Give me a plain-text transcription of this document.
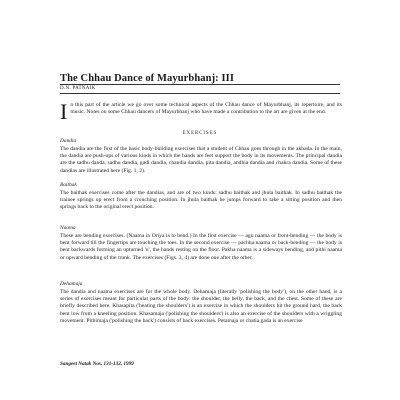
The Chhau Dance of Mayurbhanj: III
D.N. PATNAIK
I n this part of the article we go over some technical aspects of the Chhau dance of Mayurbhanj, its repertoire, and its music. Notes on some Chhau dancers of Mayurbhanj who have made a contribution to the art are given at the end.
EXERCISES
Dandia
The dandia are the first of the basic body-building exercises that a student of Chhau goes through in the akhada. In the main, the dandia are push-ups of various kinds in which the hands are feet support the body in its movements. The principal dandia are the sadhu danda, sadhu dandia, gadi dandia, chandia dandia, pita dandia, andhia dandia and chakra dandia. Some of these dandias are illustrated here (Fig. 1, 2).
Baithak
The baithak exercises come after the dandias, and are of two kinds: sadhu baithak and jhula baithak. In sadhu baithak the trainee springs up erect from a crouching position. In jhula baithak he jumps forward to take a sitting position and then springs back to the original erect position.
Naama
These are bending exercises. (Naama in Oriya is to bend.) In the first exercise — agu naama or front-bending — the body is bent forward till the fingertips are touching the toes. In the second exercise — pachha naama or back-bending — the body is bent backwards forming an upturned 'u', the hands resting on the floor. Pakha naama is a sideways bending, and pithi naama or upward bending of the trunk. The exercises (Figs. 3, 4) are done one after the other.
Dehamaja
The dandia and naama exercises are for the whole body. Dehamaja (literally 'polishing the body'), on the other hand, is a series of exercises meant for particular parts of the body: the shoulder, the belly, the back, and the chest. Some of these are briefly described here. Khasapita ('beating the shoulders') is an exercise in which the shoulders hit the ground hard, the back bent low from a kneeling position. Khasamaja ('polishing the shoulders') is also an exercise of the shoulders with a wriggling movement. Pithimaja ('polishing the back') consists of back exercises. Petamaja or chatia gada is an exercise
Sangeet Natak Nos. 131-132, 1999
